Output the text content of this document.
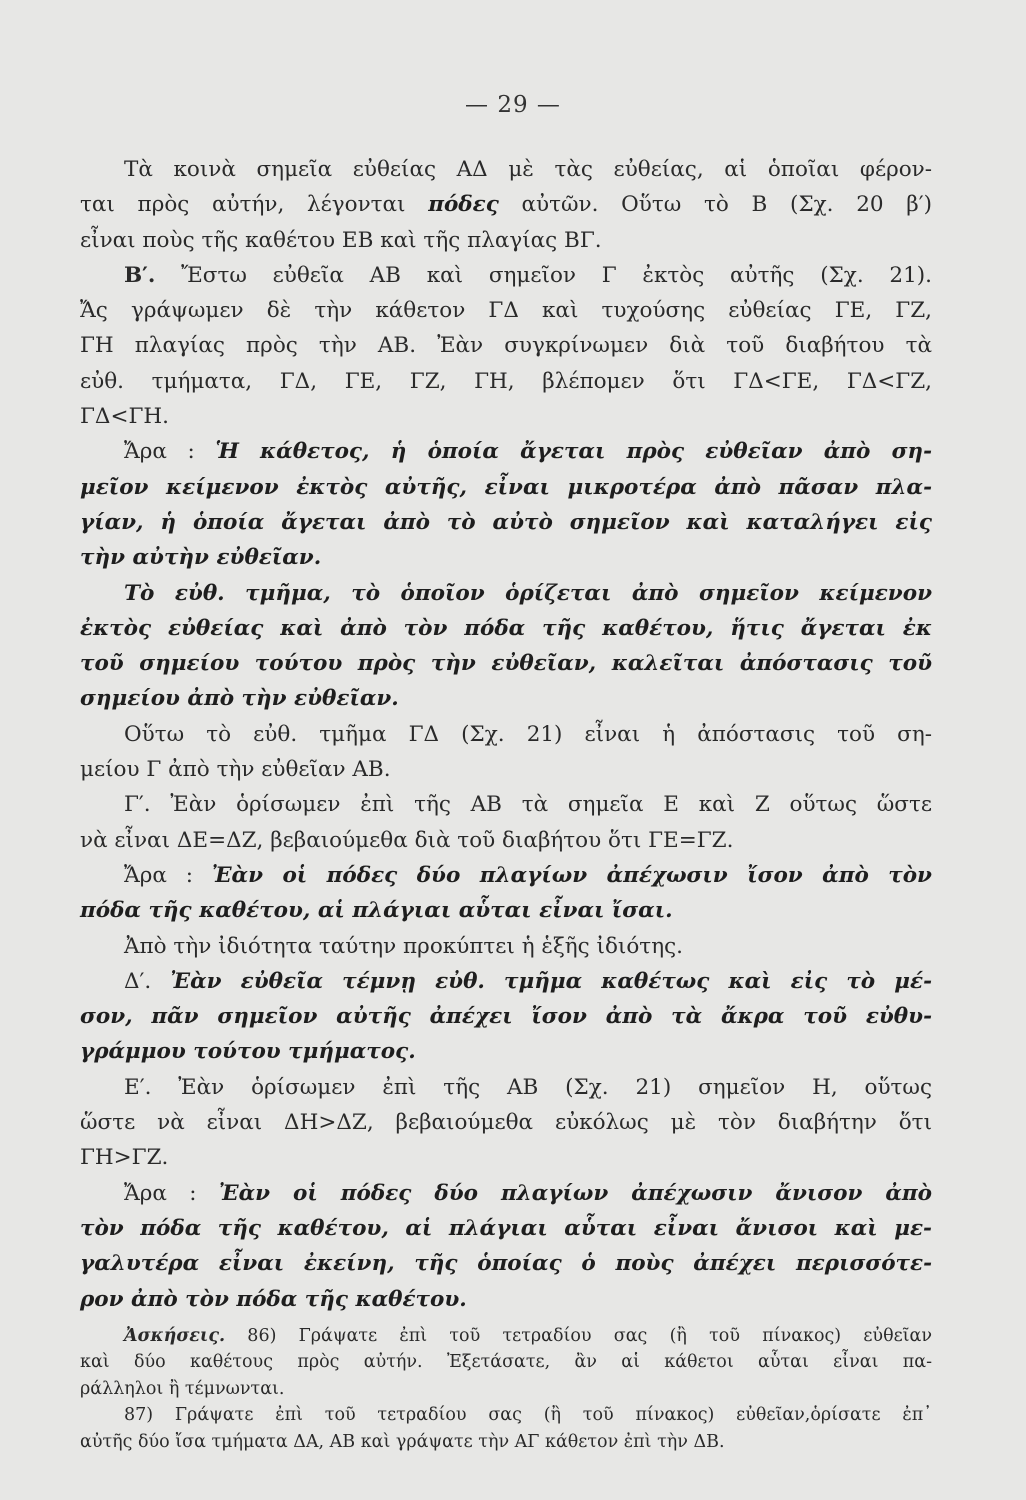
— 29 —

Τὰ κοινὰ σημεῖα εὐθείας ΑΔ μὲ τὰς εὐθείας, αἱ ὁποῖαι φέρον-

ται πρὸς αὐτήν, λέγονται πόδες αὐτῶν. Οὕτω τὸ Β (Σχ. 20 β′)

εἶναι ποὺς τῆς καθέτου ΕΒ καὶ τῆς πλαγίας ΒΓ.

Β′. Ἔστω εὐθεῖα ΑΒ καὶ σημεῖον Γ ἐκτὸς αὐτῆς (Σχ. 21).

Ἄς γράψωμεν δὲ τὴν κάθετον ΓΔ καὶ τυχούσης εὐθείας ΓΕ, ΓΖ,

ΓΗ πλαγίας πρὸς τὴν ΑΒ. Ἐὰν συγκρίνωμεν διὰ τοῦ διαβήτου τὰ

εὐθ. τμήματα, ΓΔ, ΓΕ, ΓΖ, ΓΗ, βλέπομεν ὅτι ΓΔ<ΓΕ, ΓΔ<ΓΖ,

ΓΔ<ΓΗ.

Ἄρα : Ἡ κάθετος, ἡ ὁποία ἄγεται πρὸς εὐθεῖαν ἀπὸ ση-

μεῖον κείμενον ἐκτὸς αὐτῆς, εἶναι μικροτέρα ἀπὸ πᾶσαν πλα-

γίαν, ἡ ὁποία ἄγεται ἀπὸ τὸ αὐτὸ σημεῖον καὶ καταλήγει εἰς

τὴν αὐτὴν εὐθεῖαν.

Τὸ εὐθ. τμῆμα, τὸ ὁποῖον ὁρίζεται ἀπὸ σημεῖον κείμενον

ἐκτὸς εὐθείας καὶ ἀπὸ τὸν πόδα τῆς καθέτου, ἥτις ἄγεται ἐκ

τοῦ σημείου τούτου πρὸς τὴν εὐθεῖαν, καλεῖται ἀπόστασις τοῦ

σημείου ἀπὸ τὴν εὐθεῖαν.

Οὕτω τὸ εὐθ. τμῆμα ΓΔ (Σχ. 21) εἶναι ἡ ἀπόστασις τοῦ ση-

μείου Γ ἀπὸ τὴν εὐθεῖαν ΑΒ.

Γ′. Ἐὰν ὁρίσωμεν ἐπὶ τῆς ΑΒ τὰ σημεῖα Ε καὶ Ζ οὕτως ὥστε

νὰ εἶναι ΔΕ=ΔΖ, βεβαιούμεθα διὰ τοῦ διαβήτου ὅτι ΓΕ=ΓΖ.

Ἄρα : Ἐὰν οἱ πόδες δύο πλαγίων ἀπέχωσιν ἴσον ἀπὸ τὸν

πόδα τῆς καθέτου, αἱ πλάγιαι αὗται εἶναι ἴσαι.

Ἀπὸ τὴν ἰδιότητα ταύτην προκύπτει ἡ ἑξῆς ἰδιότης.

Δ′. Ἐὰν εὐθεῖα τέμνῃ εὐθ. τμῆμα καθέτως καὶ εἰς τὸ μέ-

σον, πᾶν σημεῖον αὐτῆς ἀπέχει ἴσον ἀπὸ τὰ ἄκρα τοῦ εὐθυ-

γράμμου τούτου τμήματος.

Ε′. Ἐὰν ὁρίσωμεν ἐπὶ τῆς ΑΒ (Σχ. 21) σημεῖον Η, οὕτως

ὥστε νὰ εἶναι ΔΗ>ΔΖ, βεβαιούμεθα εὐκόλως μὲ τὸν διαβήτην ὅτι

ΓΗ>ΓΖ.

Ἄρα : Ἐὰν οἱ πόδες δύο πλαγίων ἀπέχωσιν ἄνισον ἀπὸ

τὸν πόδα τῆς καθέτου, αἱ πλάγιαι αὗται εἶναι ἄνισοι καὶ με-

γαλυτέρα εἶναι ἐκείνη, τῆς ὁποίας ὁ ποὺς ἀπέχει περισσότε-

ρον ἀπὸ τὸν πόδα τῆς καθέτου.

Ἀσκήσεις. 86) Γράψατε ἐπὶ τοῦ τετραδίου σας (ἢ τοῦ πίνακος) εὐθεῖαν

καὶ δύο καθέτους πρὸς αὐτήν. Ἐξετάσατε, ἂν αἱ κάθετοι αὗται εἶναι πα-

ράλληλοι ἢ τέμνωνται.

87) Γράψατε ἐπὶ τοῦ τετραδίου σας (ἢ τοῦ πίνακος) εὐθεῖαν,ὁρίσατε ἐπ᾽

αὐτῆς δύο ἴσα τμήματα ΔΑ, ΑΒ καὶ γράψατε τὴν ΑΓ κάθετον ἐπὶ τὴν ΔΒ.
